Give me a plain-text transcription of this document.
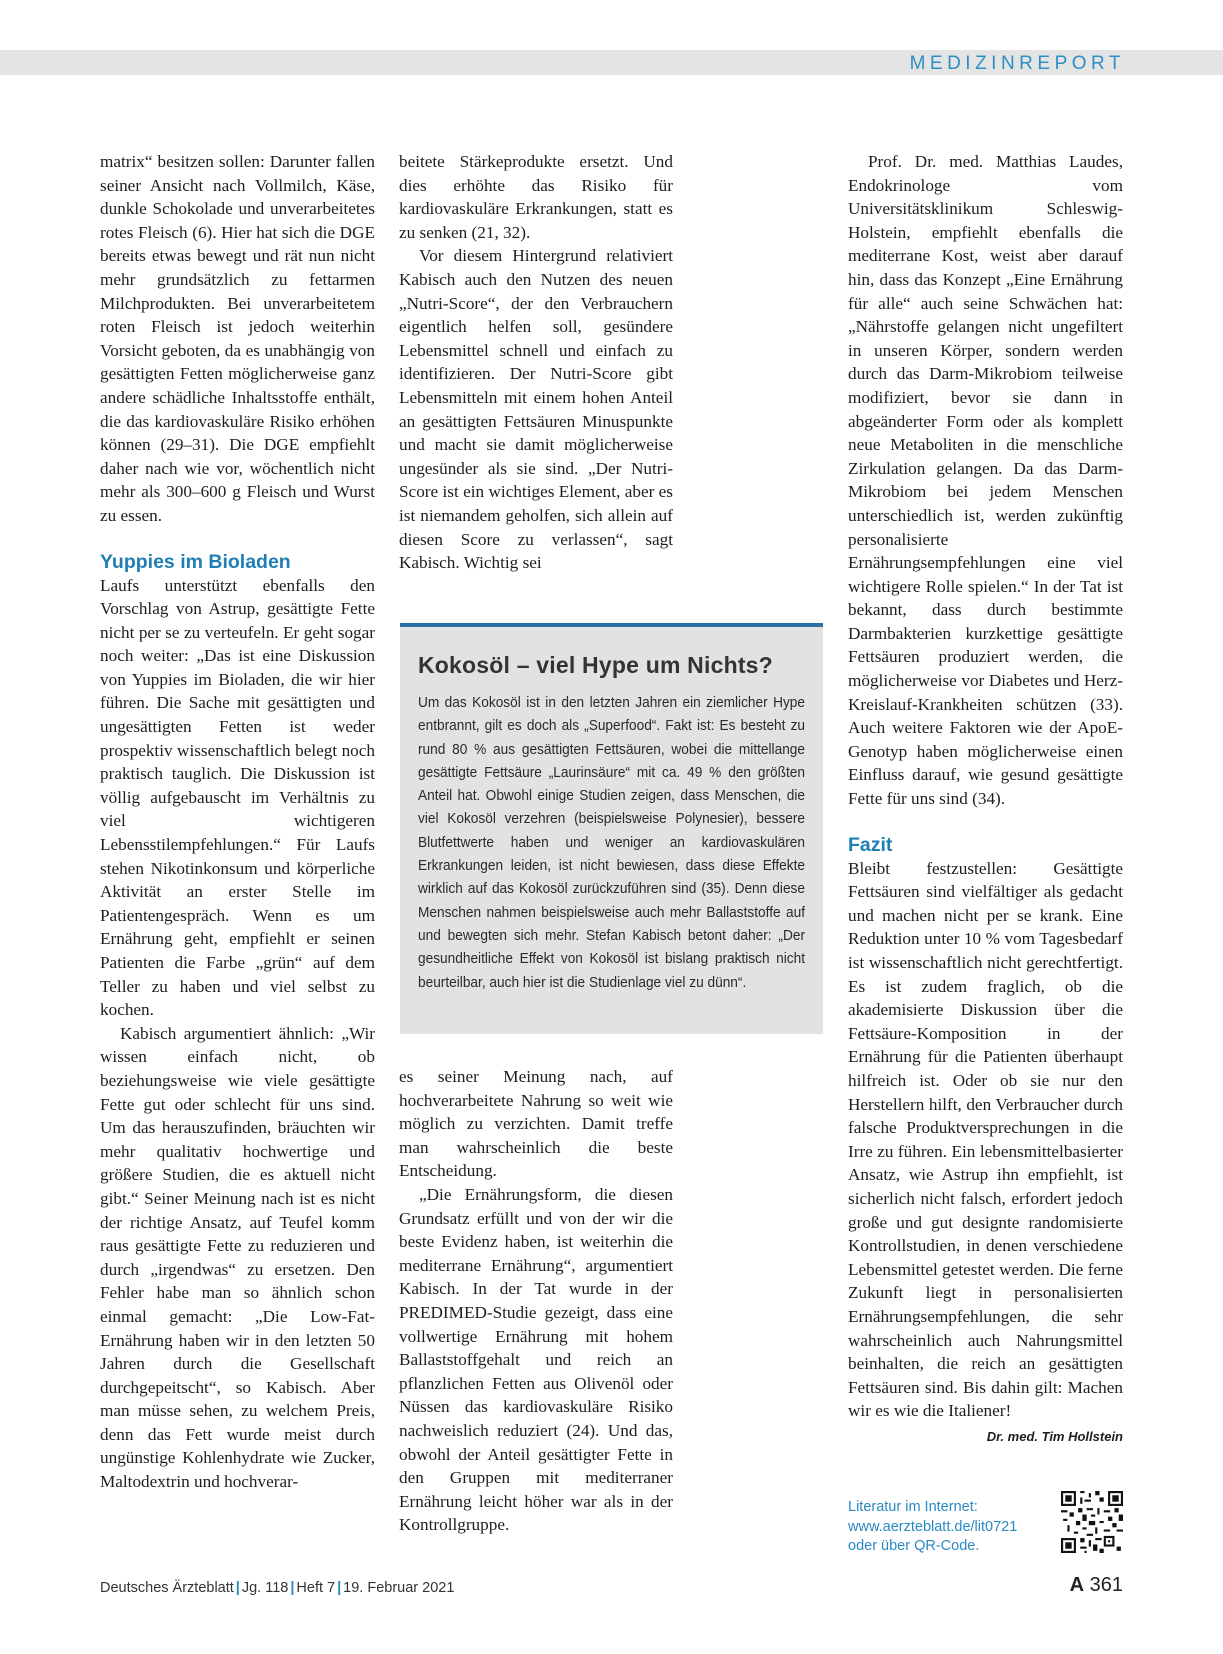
MEDIZINREPORT

matrix“ besitzen sollen: Darunter fallen seiner Ansicht nach Vollmilch, Käse, dunkle Schokolade und unverarbeitetes rotes Fleisch (6). Hier hat sich die DGE bereits etwas bewegt und rät nun nicht mehr grundsätzlich zu fettarmen Milchprodukten. Bei unverarbeitetem roten Fleisch ist jedoch weiterhin Vorsicht geboten, da es unabhängig von gesättigten Fetten möglicherweise ganz andere schädliche Inhaltsstoffe enthält, die das kardiovaskuläre Risiko erhöhen können (29–31). Die DGE empfiehlt daher nach wie vor, wöchentlich nicht mehr als 300–600 g Fleisch und Wurst zu essen.

Yuppies im Bioladen

Laufs unterstützt ebenfalls den Vorschlag von Astrup, gesättigte Fette nicht per se zu verteufeln. Er geht sogar noch weiter: „Das ist eine Diskussion von Yuppies im Bioladen, die wir hier führen. Die Sache mit gesättigten und ungesättigten Fetten ist weder prospektiv wissenschaftlich belegt noch praktisch tauglich. Die Diskussion ist völlig aufgebauscht im Verhältnis zu viel wichtigeren Lebensstilempfehlungen.“ Für Laufs stehen Nikotinkonsum und körperliche Aktivität an erster Stelle im Patientengespräch. Wenn es um Ernährung geht, empfiehlt er seinen Patienten die Farbe „grün“ auf dem Teller zu haben und viel selbst zu kochen.

Kabisch argumentiert ähnlich: „Wir wissen einfach nicht, ob beziehungsweise wie viele gesättigte Fette gut oder schlecht für uns sind. Um das herauszufinden, bräuchten wir mehr qualitativ hochwertige und größere Studien, die es aktuell nicht gibt.“ Seiner Meinung nach ist es nicht der richtige Ansatz, auf Teufel komm raus gesättigte Fette zu reduzieren und durch „irgendwas“ zu ersetzen. Den Fehler habe man so ähnlich schon einmal gemacht: „Die Low-Fat-Ernährung haben wir in den letzten 50 Jahren durch die Gesellschaft durchgepeitscht“, so Kabisch. Aber man müsse sehen, zu welchem Preis, denn das Fett wurde meist durch ungünstige Kohlenhydrate wie Zucker, Maltodextrin und hochverar-

beitete Stärkeprodukte ersetzt. Und dies erhöhte das Risiko für kardiovaskuläre Erkrankungen, statt es zu senken (21, 32).

Vor diesem Hintergrund relativiert Kabisch auch den Nutzen des neuen „Nutri-Score“, der den Verbrauchern eigentlich helfen soll, gesündere Lebensmittel schnell und einfach zu identifizieren. Der Nutri-Score gibt Lebensmitteln mit einem hohen Anteil an gesättigten Fettsäuren Minuspunkte und macht sie damit möglicherweise ungesünder als sie sind. „Der Nutri-Score ist ein wichtiges Element, aber es ist niemandem geholfen, sich allein auf diesen Score zu verlassen“, sagt Kabisch. Wichtig sei

Kokosöl – viel Hype um Nichts?

Um das Kokosöl ist in den letzten Jahren ein ziemlicher Hype entbrannt, gilt es doch als „Superfood“. Fakt ist: Es besteht zu rund 80 % aus gesättigten Fettsäuren, wobei die mittellange gesättigte Fettsäure „Laurinsäure“ mit ca. 49 % den größten Anteil hat. Obwohl einige Studien zeigen, dass Menschen, die viel Kokosöl verzehren (beispielsweise Polynesier), bessere Blutfettwerte haben und weniger an kardiovaskulären Erkrankungen leiden, ist nicht bewiesen, dass diese Effekte wirklich auf das Kokosöl zurückzuführen sind (35). Denn diese Menschen nahmen beispielsweise auch mehr Ballaststoffe auf und bewegten sich mehr. Stefan Kabisch betont daher: „Der gesundheitliche Effekt von Kokosöl ist bislang praktisch nicht beurteilbar, auch hier ist die Studienlage viel zu dünn“.

es seiner Meinung nach, auf hochverarbeitete Nahrung so weit wie möglich zu verzichten. Damit treffe man wahrscheinlich die beste Entscheidung.

„Die Ernährungsform, die diesen Grundsatz erfüllt und von der wir die beste Evidenz haben, ist weiterhin die mediterrane Ernährung“, argumentiert Kabisch. In der Tat wurde in der PREDIMED-Studie gezeigt, dass eine vollwertige Ernährung mit hohem Ballaststoffgehalt und reich an pflanzlichen Fetten aus Olivenöl oder Nüssen das kardiovaskuläre Risiko nachweislich reduziert (24). Und das, obwohl der Anteil gesättigter Fette in den Gruppen mit mediterraner Ernährung leicht höher war als in der Kontrollgruppe.

Prof. Dr. med. Matthias Laudes, Endokrinologe vom Universitätsklinikum Schleswig-Holstein, empfiehlt ebenfalls die mediterrane Kost, weist aber darauf hin, dass das Konzept „Eine Ernährung für alle“ auch seine Schwächen hat: „Nährstoffe gelangen nicht ungefiltert in unseren Körper, sondern werden durch das Darm-Mikrobiom teilweise modifiziert, bevor sie dann in abgeänderter Form oder als komplett neue Metaboliten in die menschliche Zirkulation gelangen. Da das Darm-Mikrobiom bei jedem Menschen unterschiedlich ist, werden zukünftig personalisierte Ernährungsempfehlungen eine viel wichtigere Rolle spielen.“ In der Tat ist bekannt, dass durch bestimmte Darmbakterien kurzkettige gesättigte Fettsäuren produziert werden, die möglicherweise vor Diabetes und Herz-Kreislauf-Krankheiten schützen (33). Auch weitere Faktoren wie der ApoE-Genotyp haben möglicherweise einen Einfluss darauf, wie gesund gesättigte Fette für uns sind (34).

Fazit

Bleibt festzustellen: Gesättigte Fettsäuren sind vielfältiger als gedacht und machen nicht per se krank. Eine Reduktion unter 10 % vom Tagesbedarf ist wissenschaftlich nicht gerechtfertigt. Es ist zudem fraglich, ob die akademisierte Diskussion über die Fettsäure-Komposition in der Ernährung für die Patienten überhaupt hilfreich ist. Oder ob sie nur den Herstellern hilft, den Verbraucher durch falsche Produktversprechungen in die Irre zu führen. Ein lebensmittelbasierter Ansatz, wie Astrup ihn empfiehlt, ist sicherlich nicht falsch, erfordert jedoch große und gut designte randomisierte Kontrollstudien, in denen verschiedene Lebensmittel getestet werden. Die ferne Zukunft liegt in personalisierten Ernährungsempfehlungen, die sehr wahrscheinlich auch Nahrungsmittel beinhalten, die reich an gesättigten Fettsäuren sind. Bis dahin gilt: Machen wir es wie die Italiener!
Dr. med. Tim Hollstein

Literatur im Internet:
www.aerzteblatt.de/lit0721
oder über QR-Code.
Deutsches Ärzteblatt | Jg. 118 | Heft 7 | 19. Februar 2021	A 361
